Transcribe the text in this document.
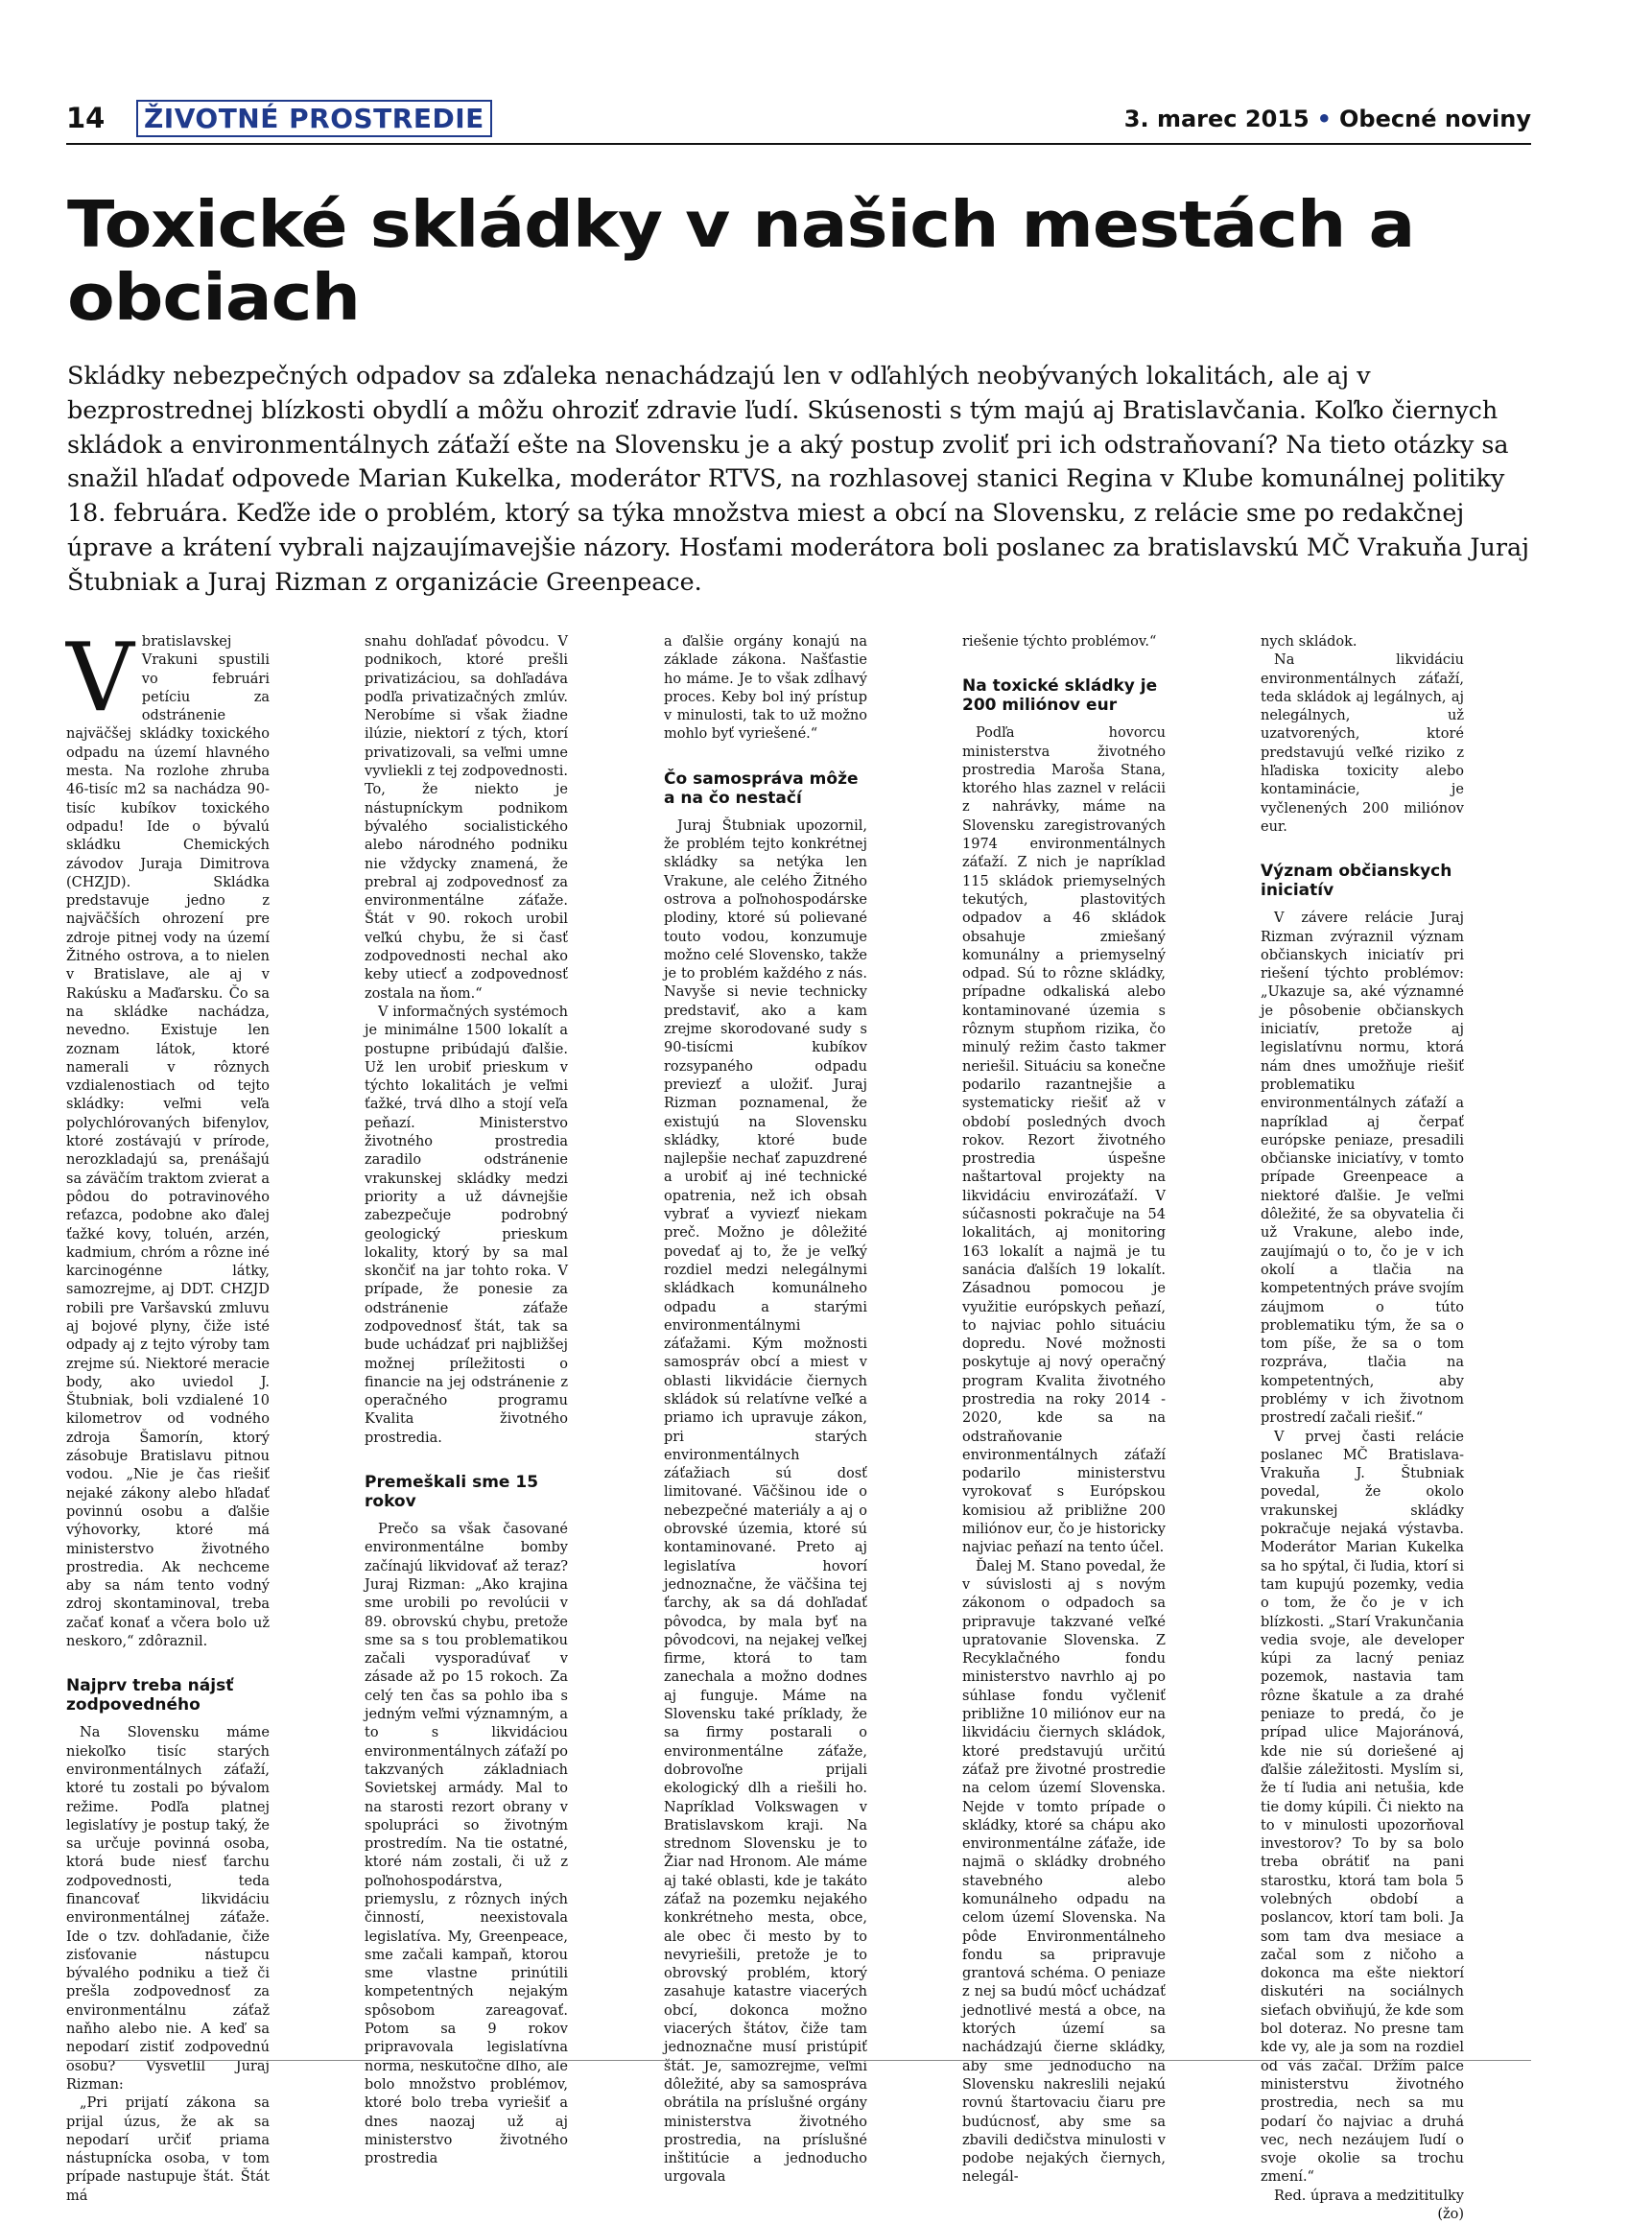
14 ŽIVOTNÉ PROSTREDIE	3. marec 2015 • Obecné noviny
Toxické skládky v našich mestách a obciach

Skládky nebezpečných odpadov sa zďaleka nenachádzajú len v odľahlých neobývaných lokalitách, ale aj v bezprostrednej blízkosti obydlí a môžu ohroziť zdravie ľudí. Skúsenosti s tým majú aj Bratislavčania. Koľko čiernych skládok a environmentálnych záťaží ešte na Slovensku je a aký postup zvoliť pri ich odstraňovaní? Na tieto otázky sa snažil hľadať odpovede Marian Kukelka, moderátor RTVS, na rozhlasovej stanici Regina v Klube komunálnej politiky 18. februára. Keďže ide o problém, ktorý sa týka množstva miest a obcí na Slovensku, z relácie sme po redakčnej úprave a krátení vybrali najzaujímavejšie názory. Hosťami moderátora boli poslanec za bratislavskú MČ Vrakuňa Juraj Štubniak a Juraj Rizman z organizácie Greenpeace.

V bratislavskej Vrakuni spustili vo februári petíciu za odstránenie najväčšej skládky toxického odpadu na území hlavného mesta. Na rozlohe zhruba 46-tisíc m2 sa nachádza 90-tisíc kubíkov toxického odpadu! Ide o bývalú skládku Chemických závodov Juraja Dimitrova (CHZJD). Skládka predstavuje jedno z najväčších ohrození pre zdroje pitnej vody na území Žitného ostrova, a to nielen v Bratislave, ale aj v Rakúsku a Maďarsku. Čo sa na skládke nachádza, nevedno. Existuje len zoznam látok, ktoré namerali v rôznych vzdialenostiach od tejto skládky: veľmi veľa polychlórovaných bifenylov, ktoré zostávajú v prírode, nerozkladajú sa, prenášajú sa záväčím traktom zvierat a pôdou do potravinového reťazca, podobne ako ďalej ťažké kovy, toluén, arzén, kadmium, chróm a rôzne iné karcinogénne látky, samozrejme, aj DDT. CHZJD robili pre Varšavskú zmluvu aj bojové plyny, čiže isté odpady aj z tejto výroby tam zrejme sú. Niektoré meracie body, ako uviedol J. Štubniak, boli vzdialené 10 kilometrov od vodného zdroja Šamorín, ktorý zásobuje Bratislavu pitnou vodou. „Nie je čas riešiť nejaké zákony alebo hľadať povinnú osobu a ďalšie výhovorky, ktoré má ministerstvo životného prostredia. Ak nechceme aby sa nám tento vodný zdroj skontaminoval, treba začať konať a včera bolo už neskoro,“ zdôraznil.

Najprv treba nájsť zodpovedného

Na Slovensku máme niekoľko tisíc starých environmentálnych záťaží, ktoré tu zostali po bývalom režime. Podľa platnej legislatívy je postup taký, že sa určuje povinná osoba, ktorá bude niesť ťarchu zodpovednosti, teda financovať likvidáciu environmentálnej záťaže. Ide o tzv. dohľadanie, čiže zisťovanie nástupcu bývalého podniku a tiež či prešla zodpovednosť za environmentálnu záťaž naňho alebo nie. A keď sa nepodarí zistiť zodpovednú osobu? Vysvetlil Juraj Rizman:

„Pri prijatí zákona sa prijal úzus, že ak sa nepodarí určiť priama nástupnícka osoba, v tom prípade nastupuje štát. Štát má

snahu dohľadať pôvodcu. V podnikoch, ktoré prešli privatizáciou, sa dohľadáva podľa privatizačných zmlúv. Nerobíme si však žiadne ilúzie, niektorí z tých, ktorí privatizovali, sa veľmi umne vyvliekli z tej zodpovednosti. To, že niekto je nástupníckym podnikom bývalého socialistického alebo národného podniku nie vždycky znamená, že prebral aj zodpovednosť za environmentálne záťaže. Štát v 90. rokoch urobil veľkú chybu, že si časť zodpovednosti nechal ako keby utiecť a zodpovednosť zostala na ňom.“

V informačných systémoch je minimálne 1500 lokalít a postupne pribúdajú ďalšie. Už len urobiť prieskum v týchto lokalitách je veľmi ťažké, trvá dlho a stojí veľa peňazí. Ministerstvo životného prostredia zaradilo odstránenie vrakunskej skládky medzi priority a už dávnejšie zabezpečuje podrobný geologický prieskum lokality, ktorý by sa mal skončiť na jar tohto roka. V prípade, že ponesie za odstránenie záťaže zodpovednosť štát, tak sa bude uchádzať pri najbližšej možnej príležitosti o financie na jej odstránenie z operačného programu Kvalita životného prostredia.

Premeškali sme 15 rokov

Prečo sa však časované environmentálne bomby začínajú likvidovať až teraz? Juraj Rizman: „Ako krajina sme urobili po revolúcii v 89. obrovskú chybu, pretože sme sa s tou problematikou začali vysporadúvať v zásade až po 15 rokoch. Za celý ten čas sa pohlo iba s jedným veľmi významným, a to s likvidáciou environmentálnych záťaží po takzvaných základniach Sovietskej armády. Mal to na starosti rezort obrany v spolupráci so životným prostredím. Na tie ostatné, ktoré nám zostali, či už z poľnohospodárstva, priemyslu, z rôznych iných činností, neexistovala legislatíva. My, Greenpeace, sme začali kampaň, ktorou sme vlastne prinútili kompetentných nejakým spôsobom zareagovať. Potom sa 9 rokov pripravovala legislatívna norma, neskutočne dlho, ale bolo množstvo problémov, ktoré bolo treba vyriešiť a dnes naozaj už aj ministerstvo životného prostredia

a ďalšie orgány konajú na základe zákona. Našťastie ho máme. Je to však zdĺhavý proces. Keby bol iný prístup v minulosti, tak to už možno mohlo byť vyriešené.“

Čo samospráva môže a na čo nestačí

Juraj Štubniak upozornil, že problém tejto konkrétnej skládky sa netýka len Vrakune, ale celého Žitného ostrova a poľnohospodárske plodiny, ktoré sú polievané touto vodou, konzumuje možno celé Slovensko, takže je to problém každého z nás. Navyše si nevie technicky predstaviť, ako a kam zrejme skorodované sudy s 90-tisícmi kubíkov rozsypaného odpadu previezť a uložiť. Juraj Rizman poznamenal, že existujú na Slovensku skládky, ktoré bude najlepšie nechať zapuzdrené a urobiť aj iné technické opatrenia, než ich obsah vybrať a vyviezť niekam preč. Možno je dôležité povedať aj to, že je veľký rozdiel medzi nelegálnymi skládkach komunálneho odpadu a starými environmentálnymi záťažami. Kým možnosti samospráv obcí a miest v oblasti likvidácie čiernych skládok sú relatívne veľké a priamo ich upravuje zákon, pri starých environmentálnych záťažiach sú dosť limitované. Väčšinou ide o nebezpečné materiály a aj o obrovské územia, ktoré sú kontaminované. Preto aj legislatíva hovorí jednoznačne, že väčšina tej ťarchy, ak sa dá dohľadať pôvodca, by mala byť na pôvodcovi, na nejakej veľkej firme, ktorá to tam zanechala a možno dodnes aj funguje. Máme na Slovensku také príklady, že sa firmy postarali o environmentálne záťaže, dobrovoľne prijali ekologický dlh a riešili ho. Napríklad Volkswagen v Bratislavskom kraji. Na strednom Slovensku je to Žiar nad Hronom. Ale máme aj také oblasti, kde je takáto záťaž na pozemku nejakého konkrétneho mesta, obce, ale obec či mesto by to nevyriešili, pretože je to obrovský problém, ktorý zasahuje katastre viacerých obcí, dokonca možno viacerých štátov, čiže tam jednoznačne musí pristúpiť štát. Je, samozrejme, veľmi dôležité, aby sa samospráva obrátila na príslušné orgány ministerstva životného prostredia, na príslušné inštitúcie a jednoducho urgovala

riešenie týchto problémov.“

Na toxické skládky je 200 miliónov eur

Podľa hovorcu ministerstva životného prostredia Maroša Stana, ktorého hlas zaznel v relácii z nahrávky, máme na Slovensku zaregistrovaných 1974 environmentálnych záťaží. Z nich je napríklad 115 skládok priemyselných tekutých, plastovitých odpadov a 46 skládok obsahuje zmiešaný komunálny a priemyselný odpad. Sú to rôzne skládky, prípadne odkaliská alebo kontaminované územia s rôznym stupňom rizika, čo minulý režim často takmer neriešil. Situáciu sa konečne podarilo razantnejšie a systematicky riešiť až v období posledných dvoch rokov. Rezort životného prostredia úspešne naštartoval projekty na likvidáciu envirozáťaží. V súčasnosti pokračuje na 54 lokalitách, aj monitoring 163 lokalít a najmä je tu sanácia ďalších 19 lokalít. Zásadnou pomocou je využitie európskych peňazí, to najviac pohlo situáciu dopredu. Nové možnosti poskytuje aj nový operačný program Kvalita životného prostredia na roky 2014 - 2020, kde sa na odstraňovanie environmentálnych záťaží podarilo ministerstvu vyrokovať s Európskou komisiou až približne 200 miliónov eur, čo je historicky najviac peňazí na tento účel.

Ďalej M. Stano povedal, že v súvislosti aj s novým zákonom o odpadoch sa pripravuje takzvané veľké upratovanie Slovenska. Z Recyklačného fondu ministerstvo navrhlo aj po súhlase fondu vyčleniť približne 10 miliónov eur na likvidáciu čiernych skládok, ktoré predstavujú určitú záťaž pre životné prostredie na celom území Slovenska. Nejde v tomto prípade o skládky, ktoré sa chápu ako environmentálne záťaže, ide najmä o skládky drobného stavebného alebo komunálneho odpadu na celom území Slovenska. Na pôde Environmentálneho fondu sa pripravuje grantová schéma. O peniaze z nej sa budú môcť uchádzať jednotlivé mestá a obce, na ktorých území sa nachádzajú čierne skládky, aby sme jednoducho na Slovensku nakreslili nejakú rovnú štartovaciu čiaru pre budúcnosť, aby sme sa zbavili dedičstva minulosti v podobe nejakých čiernych, nelegál-

nych skládok.

Na likvidáciu environmentálnych záťaží, teda skládok aj legálnych, aj nelegálnych, už uzatvorených, ktoré predstavujú veľké riziko z hľadiska toxicity alebo kontaminácie, je vyčlenených 200 miliónov eur.

Význam občianskych iniciatív

V závere relácie Juraj Rizman zvýraznil význam občianskych iniciatív pri riešení týchto problémov: „Ukazuje sa, aké významné je pôsobenie občianskych iniciatív, pretože aj legislatívnu normu, ktorá nám dnes umožňuje riešiť problematiku environmentálnych záťaží a napríklad aj čerpať európske peniaze, presadili občianske iniciatívy, v tomto prípade Greenpeace a niektoré ďalšie. Je veľmi dôležité, že sa obyvatelia či už Vrakune, alebo inde, zaujímajú o to, čo je v ich okolí a tlačia na kompetentných práve svojím záujmom o túto problematiku tým, že sa o tom píše, že sa o tom rozpráva, tlačia na kompetentných, aby problémy v ich životnom prostredí začali riešiť.“

V prvej časti relácie poslanec MČ Bratislava-Vrakuňa J. Štubniak povedal, že okolo vrakunskej skládky pokračuje nejaká výstavba. Moderátor Marian Kukelka sa ho spýtal, či ľudia, ktorí si tam kupujú pozemky, vedia o tom, že čo je v ich blízkosti. „Starí Vrakunčania vedia svoje, ale developer kúpi za lacný peniaz pozemok, nastavia tam rôzne škatule a za drahé peniaze to predá, čo je prípad ulice Majoránová, kde nie sú doriešené aj ďalšie záležitosti. Myslím si, že tí ľudia ani netušia, kde tie domy kúpili. Či niekto na to v minulosti upozorňoval investorov? To by sa bolo treba obrátiť na pani starostku, ktorá tam bola 5 volebných období a poslancov, ktorí tam boli. Ja som tam dva mesiace a začal som z ničoho a dokonca ma ešte niektorí diskutéri na sociálnych sieťach obviňujú, že kde som bol doteraz. No presne tam kde vy, ale ja som na rozdiel od vás začal. Držím palce ministerstvu životného prostredia, nech sa mu podarí čo najviac a druhá vec, nech nezáujem ľudí o svoje okolie sa trochu zmení.“

Red. úprava a medzititulky

(žo)
